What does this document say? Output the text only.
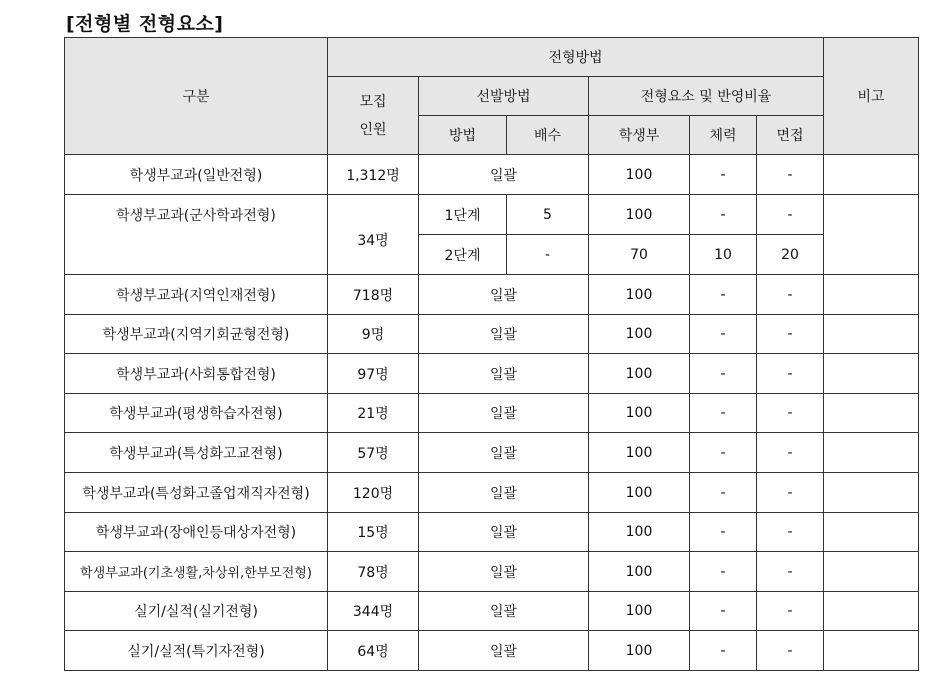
[전형별 전형요소]
구분	전형방법						비고
	모집
인원	선발방법		전형요소 및 반영비율			
		방법	배수	학생부	체력	면접	
학생부교과(일반전형)	1,312명	일괄		100	-	-	
학생부교과(군사학과전형)	34명	1단계	5	100	-	-	
		2단계	-	70	10	20	
학생부교과(지역인재전형)	718명	일괄		100	-	-	
학생부교과(지역기회균형전형)	9명	일괄		100	-	-	
학생부교과(사회통합전형)	97명	일괄		100	-	-	
학생부교과(평생학습자전형)	21명	일괄		100	-	-	
학생부교과(특성화고교전형)	57명	일괄		100	-	-	
학생부교과(특성화고졸업재직자전형)	120명	일괄		100	-	-	
학생부교과(장애인등대상자전형)	15명	일괄		100	-	-	
학생부교과(기초생활,차상위,한부모전형)	78명	일괄		100	-	-	
실기/실적(실기전형)	344명	일괄		100	-	-	
실기/실적(특기자전형)	64명	일괄		100	-	-	
